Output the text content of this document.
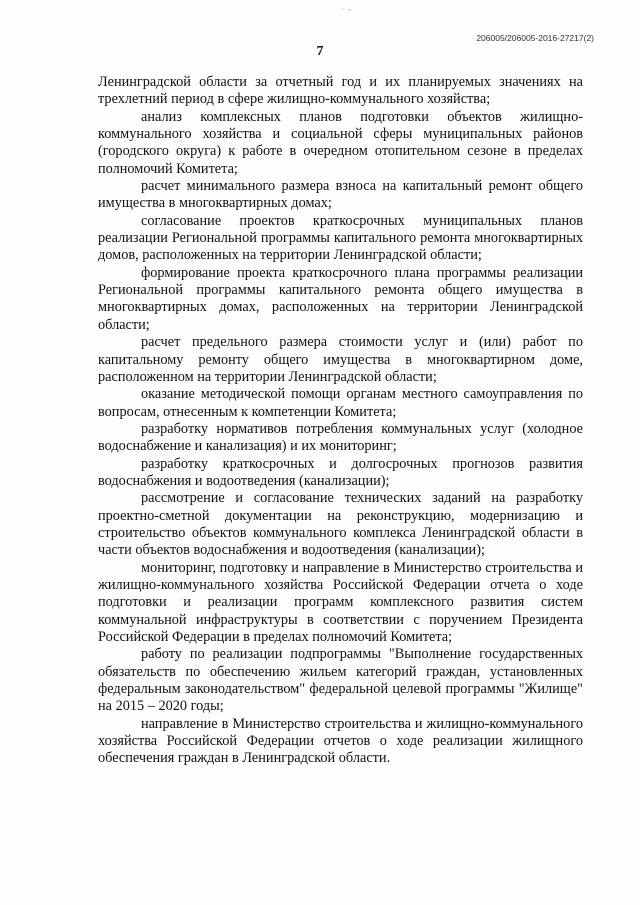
· -
206005/206005-2016-27217(2)
7

Ленинградской области за отчетный год и их планируемых значениях на трехлетний период в сфере жилищно-коммунального хозяйства;

анализ комплексных планов подготовки объектов жилищно-коммунального хозяйства и социальной сферы муниципальных районов (городского округа) к работе в очередном отопительном сезоне в пределах полномочий Комитета;

расчет минимального размера взноса на капитальный ремонт общего имущества в многоквартирных домах;

согласование проектов краткосрочных муниципальных планов реализации Региональной программы капитального ремонта многоквартирных домов, расположенных на территории Ленинградской области;

формирование проекта краткосрочного плана программы реализации Региональной программы капитального ремонта общего имущества в многоквартирных домах, расположенных на территории Ленинградской области;

расчет предельного размера стоимости услуг и (или) работ по капитальному ремонту общего имущества в многоквартирном доме, расположенном на территории Ленинградской области;

оказание методической помощи органам местного самоуправления по вопросам, отнесенным к компетенции Комитета;

разработку нормативов потребления коммунальных услуг (холодное водоснабжение и канализация) и их мониторинг;

разработку краткосрочных и долгосрочных прогнозов развития водоснабжения и водоотведения (канализации);

рассмотрение и согласование технических заданий на разработку проектно-сметной документации на реконструкцию, модернизацию и строительство объектов коммунального комплекса Ленинградской области в части объектов водоснабжения и водоотведения (канализации);

мониторинг, подготовку и направление в Министерство строительства и жилищно-коммунального хозяйства Российской Федерации отчета о ходе подготовки и реализации программ комплексного развития систем коммунальной инфраструктуры в соответствии с поручением Президента Российской Федерации в пределах полномочий Комитета;

работу по реализации подпрограммы "Выполнение государственных обязательств по обеспечению жильем категорий граждан, установленных федеральным законодательством" федеральной целевой программы "Жилище" на 2015 – 2020 годы;

направление в Министерство строительства и жилищно-коммунального хозяйства Российской Федерации отчетов о ходе реализации жилищного обеспечения граждан в Ленинградской области.
